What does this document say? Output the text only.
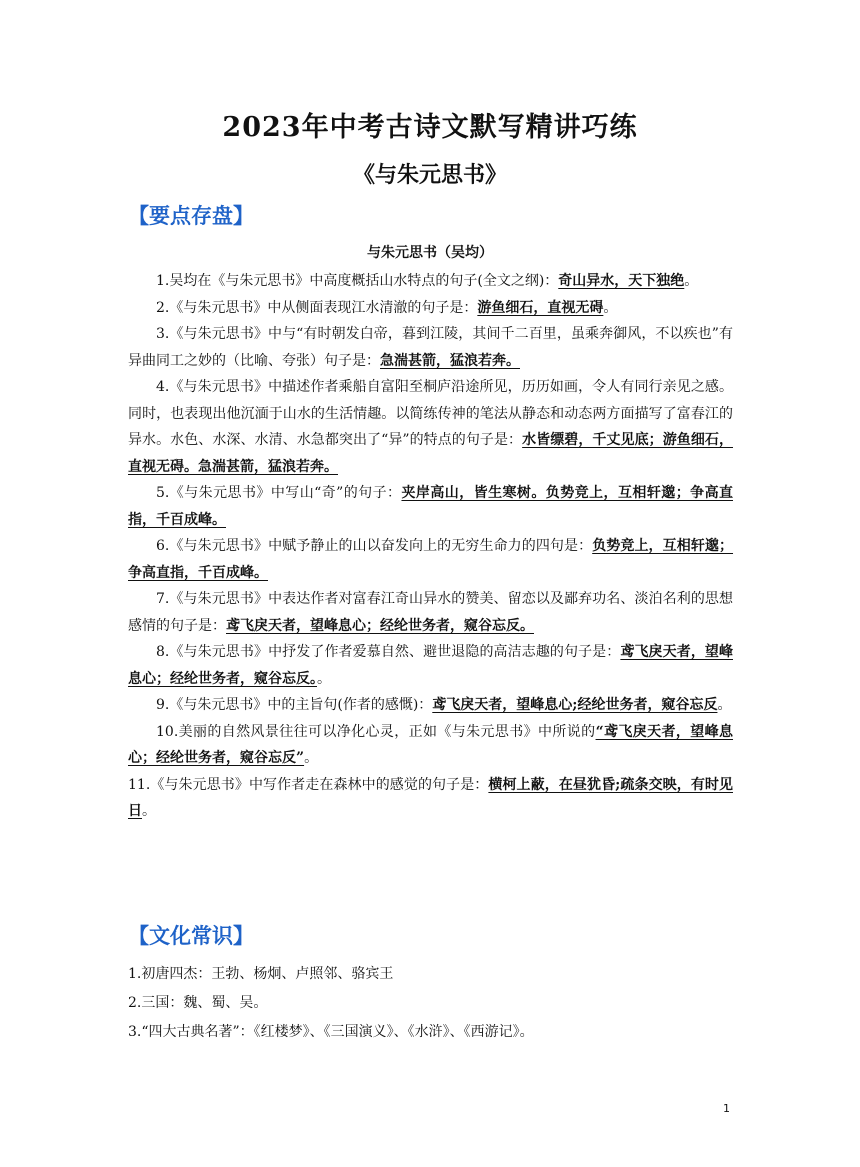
2023年中考古诗文默写精讲巧练
《与朱元思书》
【要点存盘】
与朱元思书（吴均）

1.吴均在《与朱元思书》中高度概括山水特点的句子(全文之纲)：奇山异水，天下独绝。

2.《与朱元思书》中从侧面表现江水清澈的句子是：游鱼细石，直视无碍。

3.《与朱元思书》中与“有时朝发白帝，暮到江陵，其间千二百里，虽乘奔御风，不以疾也”有异曲同工之妙的（比喻、夸张）句子是：急湍甚箭，猛浪若奔。

4.《与朱元思书》中描述作者乘船自富阳至桐庐沿途所见，历历如画，令人有同行亲见之感。同时，也表现出他沉湎于山水的生活情趣。以简练传神的笔法从静态和动态两方面描写了富春江的异水。水色、水深、水清、水急都突出了“异”的特点的句子是：水皆缥碧，千丈见底；游鱼细石，直视无碍。急湍甚箭，猛浪若奔。

5.《与朱元思书》中写山“奇”的句子：夹岸高山，皆生寒树。负势竞上，互相轩邈；争高直指，千百成峰。

6.《与朱元思书》中赋予静止的山以奋发向上的无穷生命力的四句是：负势竞上，互相轩邈；争高直指，千百成峰。

7.《与朱元思书》中表达作者对富春江奇山异水的赞美、留恋以及鄙弃功名、淡泊名利的思想感情的句子是：鸢飞戾天者，望峰息心；经纶世务者，窥谷忘反。

8.《与朱元思书》中抒发了作者爱慕自然、避世退隐的高洁志趣的句子是：鸢飞戾天者，望峰息心；经纶世务者，窥谷忘反。。

9.《与朱元思书》中的主旨句(作者的感慨)：鸢飞戾天者，望峰息心;经纶世务者，窥谷忘反。

10.美丽的自然风景往往可以净化心灵，正如《与朱元思书》中所说的“鸢飞戾天者，望峰息心；经纶世务者，窥谷忘反”。

11.《与朱元思书》中写作者走在森林中的感觉的句子是：横柯上蔽，在昼犹昏;疏条交映，有时见日。

【文化常识】

1.初唐四杰：王勃、杨炯、卢照邻、骆宾王

2.三国：魏、蜀、吴。

3.“四大古典名著”：《红楼梦》、《三国演义》、《水浒》、《西游记》。

1
